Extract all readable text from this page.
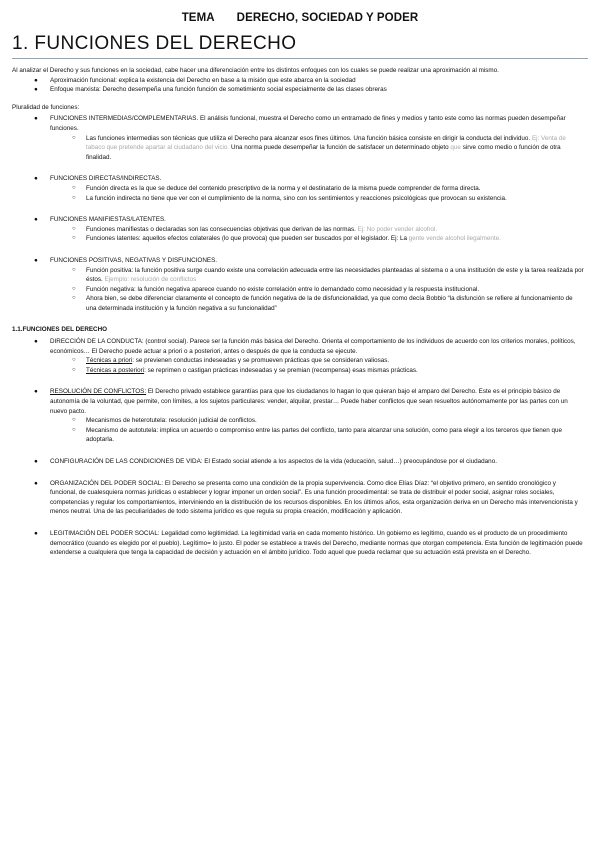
TEMA DERECHO, SOCIEDAD Y PODER
1. FUNCIONES DEL DERECHO

Al analizar el Derecho y sus funciones en la sociedad, cabe hacer una diferenciación entre los distintos enfoques con los cuales se puede realizar una aproximación al mismo.

● Aproximación funcional: explica la existencia del Derecho en base a la misión que este abarca en la sociedad

● Enfoque marxista: Derecho desempeña una función función de sometimiento social especialmente de las clases obreras

Pluralidad de funciones:

● FUNCIONES INTERMEDIAS/COMPLEMENTARIAS. El análisis funcional, muestra el Derecho como un entramado de fines y medios y tanto este como las normas pueden desempeñar funciones.

○ Las funciones intermedias son técnicas que utiliza el Derecho para alcanzar esos fines últimos. Una función básica consiste en dirigir la conducta del individuo. Ej: Venta de tabaco que pretende apartar al ciudadano del vicio. Una norma puede desempeñar la función de satisfacer un determinado objeto que sirve como medio o función de otra finalidad.

● FUNCIONES DIRECTAS/INDIRECTAS.

○ Función directa es la que se deduce del contenido prescriptivo de la norma y el destinatario de la misma puede comprender de forma directa.

○ La función indirecta no tiene que ver con el cumplimiento de la norma, sino con los sentimientos y reacciones psicológicas que provocan su existencia.

● FUNCIONES MANIFIESTAS/LATENTES.

○ Funciones manifiestas o declaradas son las consecuencias objetivas que derivan de las normas. Ej: No poder vender alcohol.

○ Funciones latentes: aquellos efectos colaterales (lo que provoca) que pueden ser buscados por el legislador. Ej: La gente vende alcohol ilegalmente.

● FUNCIONES POSITIVAS, NEGATIVAS Y DISFUNCIONES.

○ Función positiva: la función positiva surge cuando existe una correlación adecuada entre las necesidades planteadas al sistema o a una institución de este y la tarea realizada por éstos. Ejemplo: resolución de conflictos

○ Función negativa: la función negativa aparece cuando no existe correlación entre lo demandado como necesidad y la respuesta institucional.

○ Ahora bien, se debe diferenciar claramente el concepto de función negativa de la de disfuncionalidad, ya que como decía Bobbio “la disfunción se refiere al funcionamiento de una determinada institución y la función negativa a su funcionalidad”

1.1.FUNCIONES DEL DERECHO

● DIRECCIÓN DE LA CONDUCTA: (control social). Parece ser la función más básica del Derecho. Orienta el comportamiento de los individuos de acuerdo con los criterios morales, políticos, económicos… El Derecho puede actuar a priori o a posteriori, antes o después de que la conducta se ejecute.

○ Técnicas a priori: se previenen conductas indeseadas y se promueven prácticas que se consideran valiosas.

○ Técnicas a posteriori: se reprimen o castigan prácticas indeseadas y se premian (recompensa) esas mismas prácticas.

● RESOLUCIÓN DE CONFLICTOS: El Derecho privado establece garantías para que los ciudadanos lo hagan lo que quieran bajo el amparo del Derecho. Este es el principio básico de autonomía de la voluntad, que permite, con límites, a los sujetos particulares: vender, alquilar, prestar… Puede haber conflictos que sean resueltos autónomamente por las partes con un nuevo pacto.

○ Mecanismos de heterotutela: resolución judicial de conflictos.

○ Mecanismo de autotutela: implica un acuerdo o compromiso entre las partes del conflicto, tanto para alcanzar una solución, como para elegir a los terceros que tienen que adoptarla.

● CONFIGURACIÓN DE LAS CONDICIONES DE VIDA: El Estado social atiende a los aspectos de la vida (educación, salud…) preocupándose por el ciudadano.

● ORGANIZACIÓN DEL PODER SOCIAL: El Derecho se presenta como una condición de la propia supervivencia. Como dice Elías Díaz: “el objetivo primero, en sentido cronológico y funcional, de cualesquiera normas jurídicas o establecer y lograr imponer un orden social”. Es una función procedimental: se trata de distribuir el poder social, asignar roles sociales, competencias y regular los comportamientos, interviniendo en la distribución de los recursos disponibles. En los últimos años, esta organización deriva en un Derecho más intervencionista y menos neutral. Una de las peculiaridades de todo sistema jurídico es que regula su propia creación, modificación y aplicación.

● LEGITIMACIÓN DEL PODER SOCIAL: Legalidad como legitimidad. La legitimidad varía en cada momento histórico. Un gobierno es legítimo, cuando es el producto de un procedimiento democrático (cuando es elegido por el pueblo). Legítimo= lo justo. El poder se establece a través del Derecho, mediante normas que otorgan competencia. Esta función de legitimación puede extenderse a cualquiera que tenga la capacidad de decisión y actuación en el ámbito jurídico. Todo aquel que pueda reclamar que su actuación está prevista en el Derecho.
